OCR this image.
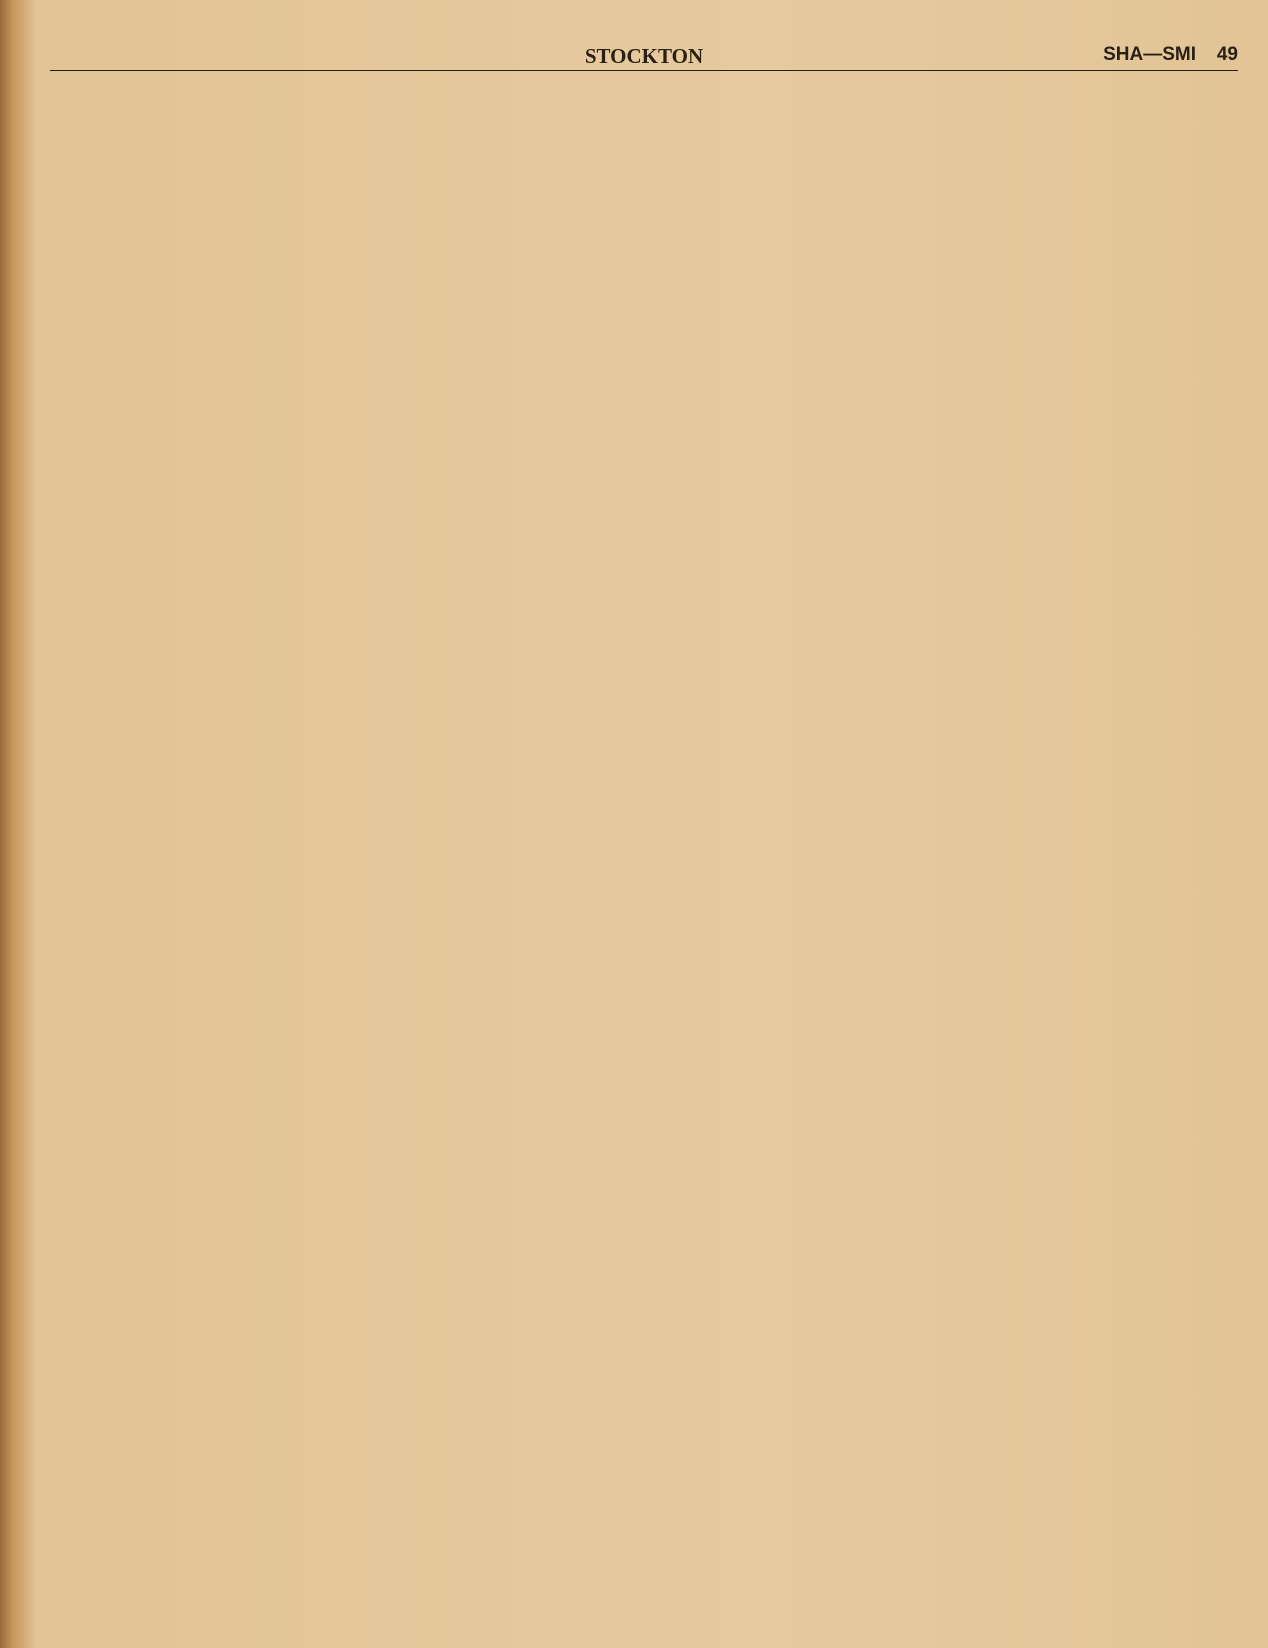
STOCKTON	SHA—SMI 49
